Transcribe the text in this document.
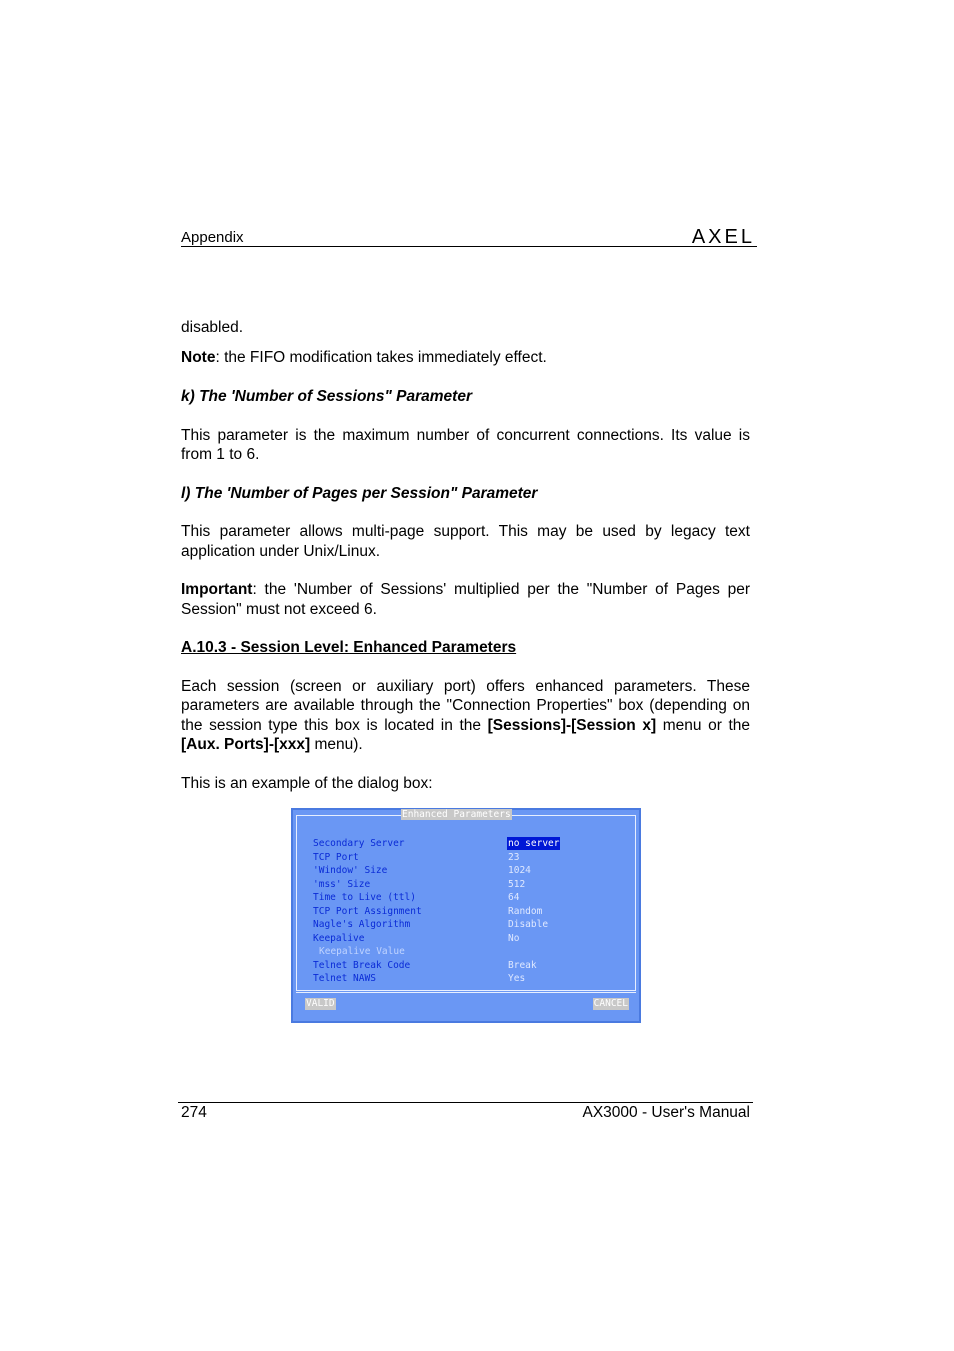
Appendix	AXEL

disabled.

Note: the FIFO modification takes immediately effect.

k) The 'Number of Sessions" Parameter

This parameter is the maximum number of concurrent connections. Its value is from 1 to 6.

l) The 'Number of Pages per Session" Parameter

This parameter allows multi-page support. This may be used by legacy text application under Unix/Linux.

Important: the 'Number of Sessions' multiplied per the "Number of Pages per Session" must not exceed 6.

A.10.3 - Session Level: Enhanced Parameters

Each session (screen or auxiliary port) offers enhanced parameters. These parameters are available through the "Connection Properties" box (depending on the session type this box is located in the [Sessions]-[Session x] menu or the [Aux. Ports]-[xxx] menu).

This is an example of the dialog box:

Enhanced Parameters
Secondary Server	no server
TCP Port	23
'Window' Size	1024
'mss' Size	512
Time to Live (ttl)	64
TCP Port Assignment	Random
Nagle's Algorithm	Disable
Keepalive	No
Keepalive Value
Telnet Break Code	Break
Telnet NAWS	Yes
VALID	CANCEL
274	AX3000 - User's Manual
